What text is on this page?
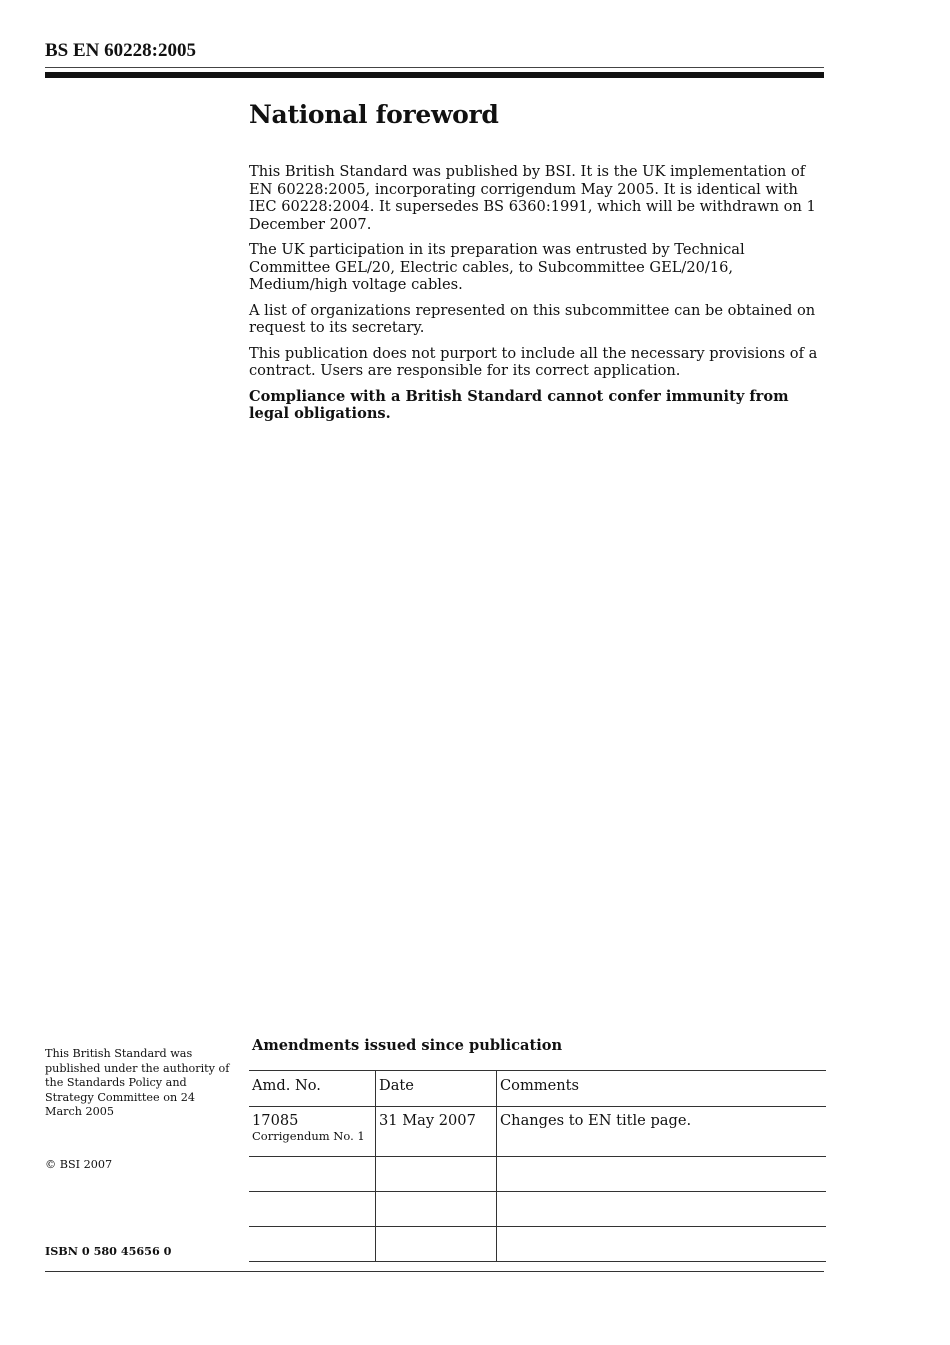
BS EN 60228:2005
National foreword

This British Standard was published by BSI. It is the UK implementation of EN 60228:2005, incorporating corrigendum May 2005. It is identical with IEC 60228:2004. It supersedes BS 6360:1991, which will be withdrawn on 1 December 2007.

The UK participation in its preparation was entrusted by Technical Committee GEL/20, Electric cables, to Subcommittee GEL/20/16, Medium/high voltage cables.

A list of organizations represented on this subcommittee can be obtained on request to its secretary.

This publication does not purport to include all the necessary provisions of a contract. Users are responsible for its correct application.

Compliance with a British Standard cannot confer immunity from legal obligations.

This British Standard was published under the authority of the Standards Policy and Strategy Committee on 24 March 2005
© BSI 2007
ISBN 0 580 45656 0
Amendments issued since publication
Amd. No.	Date	Comments
17085
Corrigendum No. 1	31 May 2007	Changes to EN title page.
